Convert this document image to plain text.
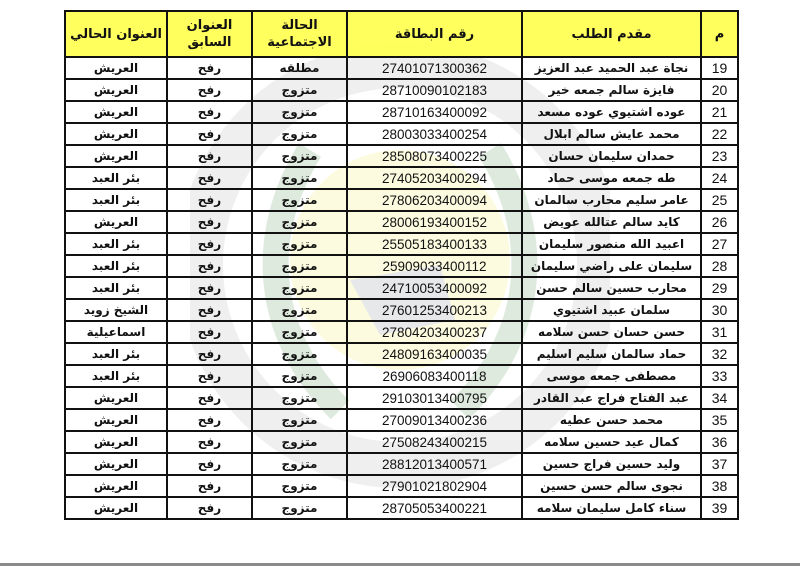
م	مقدم الطلب	رقم البطاقة	الحالة الاجتماعية	العنوان السابق	العنوان الحالي
19	نجاة عبد الحميد عبد العزيز	27401071300362	مطلقه	رفح	العريش
20	فايزة سالم جمعه خير	28710090102183	متزوج	رفح	العريش
21	عوده اشتيوي عوده مسعد	28710163400092	متزوج	رفح	العريش
22	محمد عايش سالم ابلال	28003033400254	متزوج	رفح	العريش
23	حمدان سليمان حسان	28508073400225	متزوج	رفح	العريش
24	طه جمعه موسى حماد	27405203400294	متزوج	رفح	بئر العبد
25	عامر سليم محارب سالمان	27806203400094	متزوج	رفح	بئر العبد
26	كايد سالم عتالله عويض	28006193400152	متزوج	رفح	العريش
27	اعبيد الله منصور سليمان	25505183400133	متزوج	رفح	بئر العبد
28	سليمان على راضي سليمان	25909033400112	متزوج	رفح	بئر العبد
29	محارب حسين سالم حسن	24710053400092	متزوج	رفح	بئر العبد
30	سلمان عبيد اشتيوي	27601253400213	متزوج	رفح	الشيخ زويد
31	حسن حسان حسن سلامه	27804203400237	متزوج	رفح	اسماعيلية
32	حماد سالمان سليم اسليم	24809163400035	متزوج	رفح	بئر العبد
33	مصطفى جمعه موسى	26906083400118	متزوج	رفح	بئر العبد
34	عبد الفتاح فراج عبد القادر	29103013400795	متزوج	رفح	العريش
35	محمد حسن عطيه	27009013400236	متزوج	رفح	العريش
36	كمال عيد حسين سلامه	27508243400215	متزوج	رفح	العريش
37	وليد حسين فراج حسين	28812013400571	متزوج	رفح	العريش
38	نجوى سالم حسن حسين	27901021802904	متزوج	رفح	العريش
39	سناء كامل سليمان سلامه	28705053400221	متزوج	رفح	العريش
